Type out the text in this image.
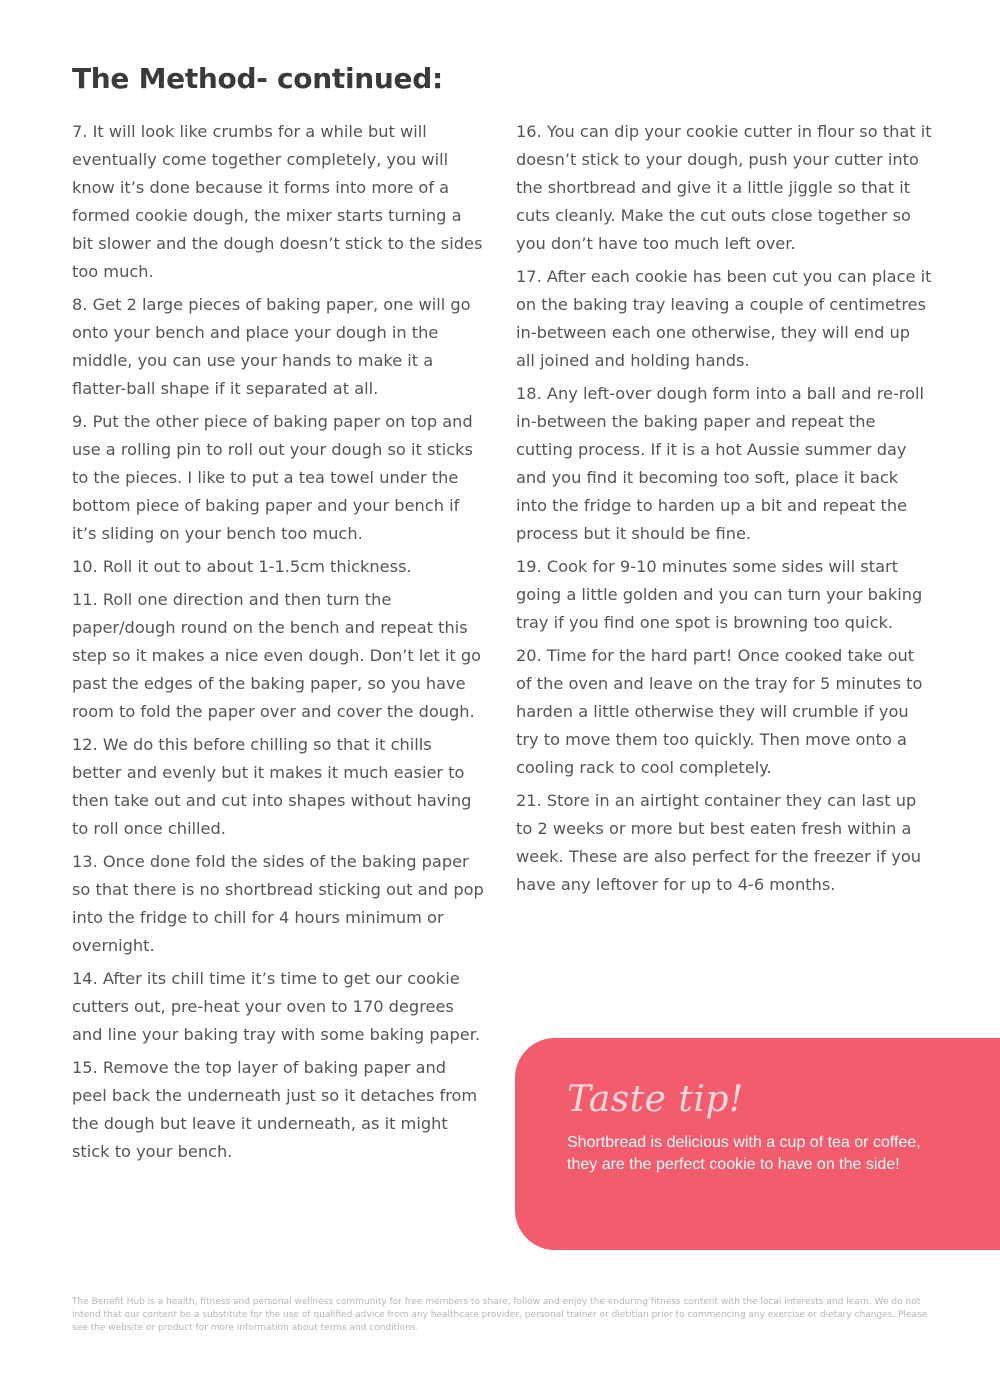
The Method- continued:

7. It will look like crumbs for a while but will eventually come together completely, you will know it’s done because it forms into more of a formed cookie dough, the mixer starts turning a bit slower and the dough doesn’t stick to the sides too much.

8. Get 2 large pieces of baking paper, one will go onto your bench and place your dough in the middle, you can use your hands to make it a flatter-ball shape if it separated at all.

9. Put the other piece of baking paper on top and use a rolling pin to roll out your dough so it sticks to the pieces. I like to put a tea towel under the bottom piece of baking paper and your bench if it’s sliding on your bench too much.

10. Roll it out to about 1-1.5cm thickness.

11. Roll one direction and then turn the paper/dough round on the bench and repeat this step so it makes a nice even dough. Don’t let it go past the edges of the baking paper, so you have room to fold the paper over and cover the dough.

12. We do this before chilling so that it chills better and evenly but it makes it much easier to then take out and cut into shapes without having to roll once chilled.

13. Once done fold the sides of the baking paper so that there is no shortbread sticking out and pop into the fridge to chill for 4 hours minimum or overnight.

14. After its chill time it’s time to get our cookie cutters out, pre-heat your oven to 170 degrees and line your baking tray with some baking paper.

15. Remove the top layer of baking paper and peel back the underneath just so it detaches from the dough but leave it underneath, as it might stick to your bench.

16. You can dip your cookie cutter in flour so that it doesn’t stick to your dough, push your cutter into the shortbread and give it a little jiggle so that it cuts cleanly. Make the cut outs close together so you don’t have too much left over.

17. After each cookie has been cut you can place it on the baking tray leaving a couple of centimetres in-between each one otherwise, they will end up all joined and holding hands.

18. Any left-over dough form into a ball and re-roll in-between the baking paper and repeat the cutting process. If it is a hot Aussie summer day and you find it becoming too soft, place it back into the fridge to harden up a bit and repeat the process but it should be fine.

19. Cook for 9-10 minutes some sides will start going a little golden and you can turn your baking tray if you find one spot is browning too quick.

20. Time for the hard part! Once cooked take out of the oven and leave on the tray for 5 minutes to harden a little otherwise they will crumble if you try to move them too quickly. Then move onto a cooling rack to cool completely.

21. Store in an airtight container they can last up to 2 weeks or more but best eaten fresh within a week. These are also perfect for the freezer if you have any leftover for up to 4-6 months.

Taste tip!

Shortbread is delicious with a cup of tea or coffee, they are the perfect cookie to have on the side!

The Benefit Hub is a health, fitness and personal wellness community for free members to share, follow and enjoy the enduring fitness content with the local interests and learn. We do not intend that our content be a substitute for the use of qualified advice from any healthcare provider, personal trainer or dietitian prior to commencing any exercise or dietary changes. Please see the website or product for more information about terms and conditions.
